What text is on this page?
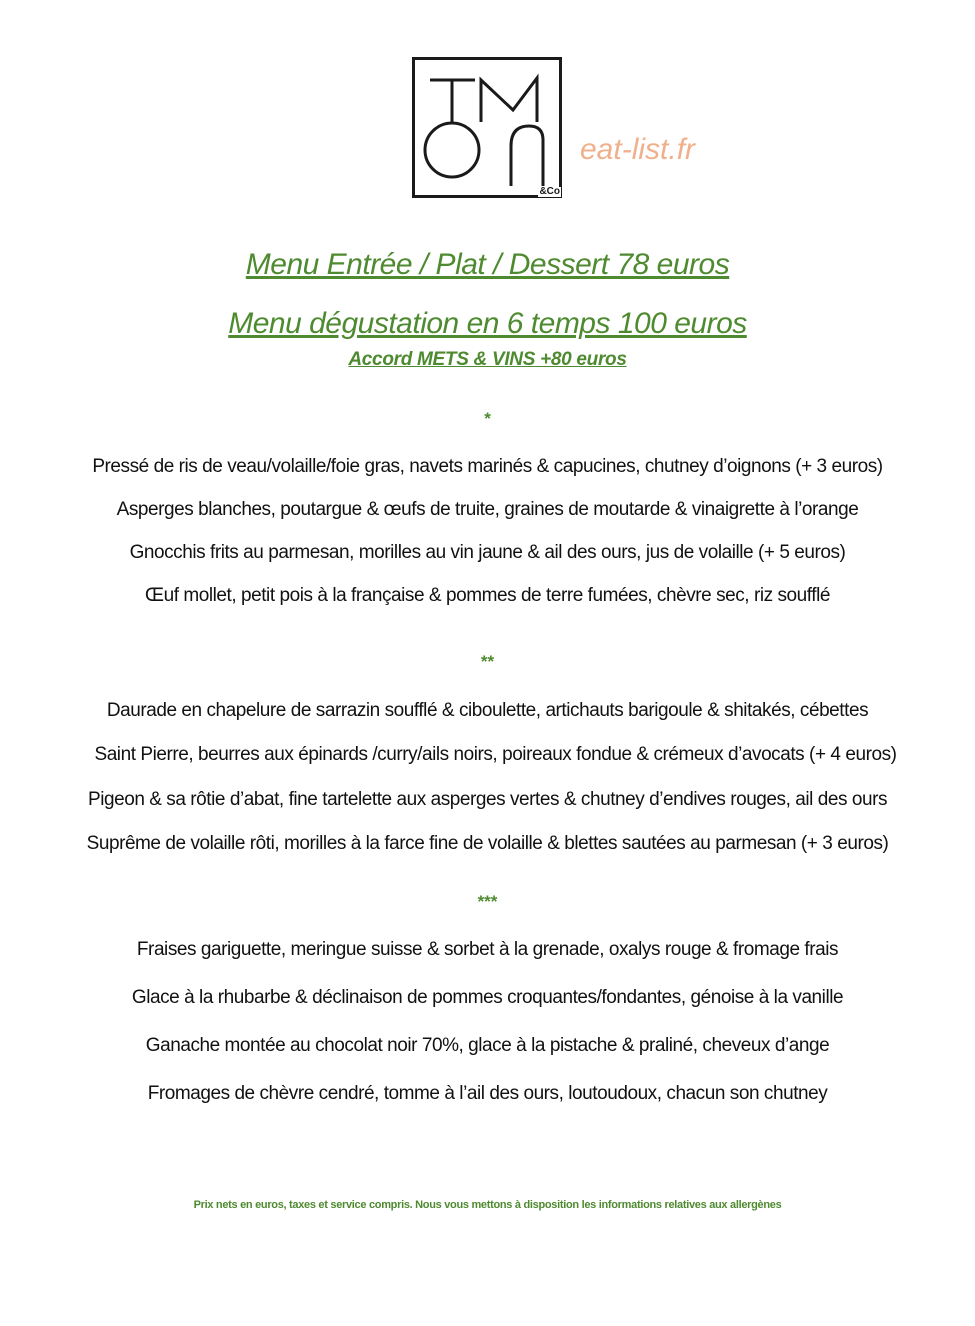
&Co
eat-list.fr
Menu Entrée / Plat / Dessert 78 euros
Menu dégustation en 6 temps 100 euros
Accord METS & VINS +80 euros
*
Pressé de ris de veau/volaille/foie gras, navets marinés & capucines, chutney d’oignons (+ 3 euros)
Asperges blanches, poutargue & œufs de truite, graines de moutarde & vinaigrette à l’orange
Gnocchis frits au parmesan, morilles au vin jaune & ail des ours, jus de volaille (+ 5 euros)
Œuf mollet, petit pois à la française & pommes de terre fumées, chèvre sec, riz soufflé
**
Daurade en chapelure de sarrazin soufflé & ciboulette, artichauts barigoule & shitakés, cébettes
Saint Pierre, beurres aux épinards /curry/ails noirs, poireaux fondue & crémeux d’avocats (+ 4 euros)
Pigeon & sa rôtie d’abat, fine tartelette aux asperges vertes & chutney d’endives rouges, ail des ours
Suprême de volaille rôti, morilles à la farce fine de volaille & blettes sautées au parmesan (+ 3 euros)
***
Fraises gariguette, meringue suisse & sorbet à la grenade, oxalys rouge & fromage frais
Glace à la rhubarbe & déclinaison de pommes croquantes/fondantes, génoise à la vanille
Ganache montée au chocolat noir 70%, glace à la pistache & praliné, cheveux d’ange
Fromages de chèvre cendré, tomme à l’ail des ours, loutoudoux, chacun son chutney
Prix nets en euros, taxes et service compris. Nous vous mettons à disposition les informations relatives aux allergènes
